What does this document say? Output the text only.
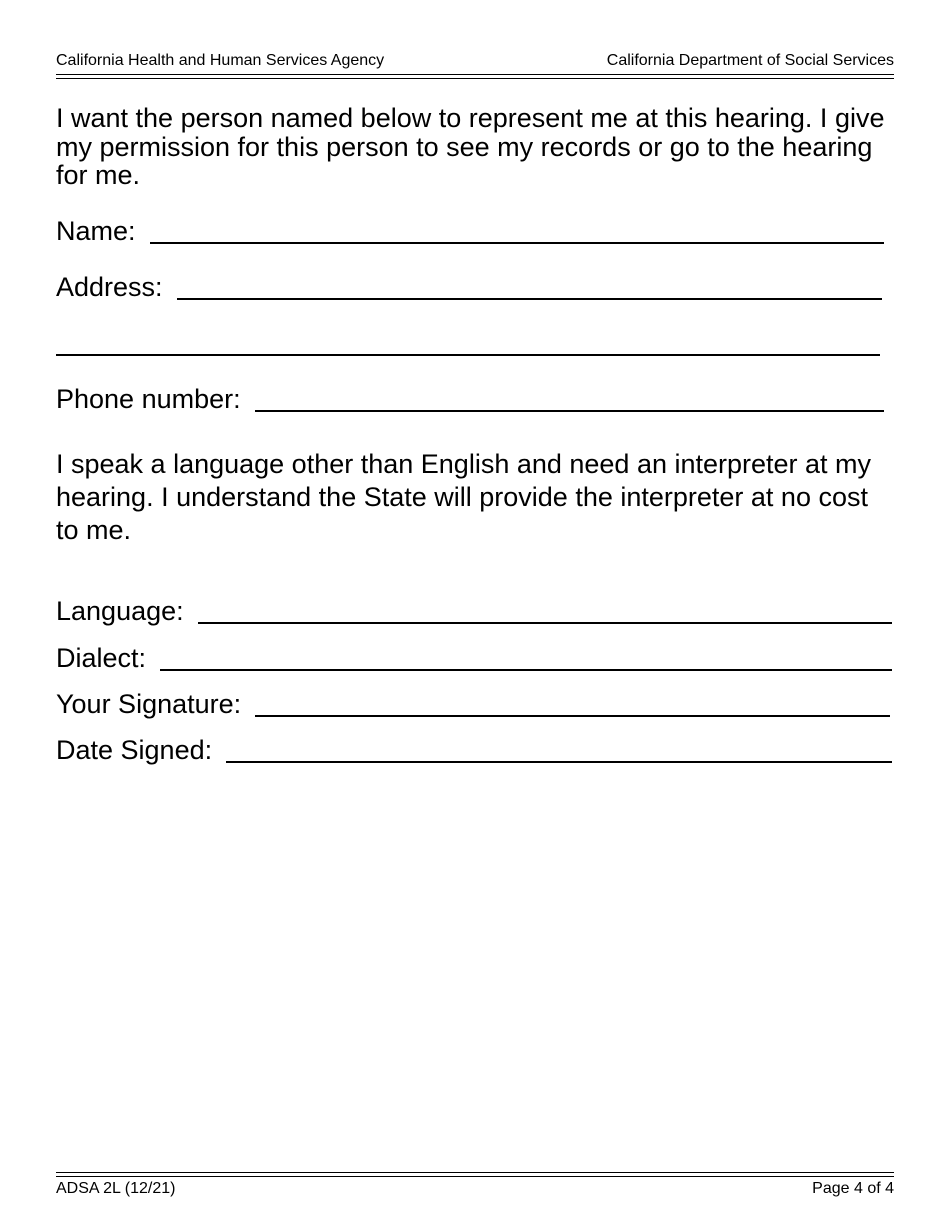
California Health and Human Services Agency	California Department of Social Services

I want the person named below to represent me at this hearing. I give my permission for this person to see my records or go to the hearing for me.

Name:
Address:
Phone number:

I speak a language other than English and need an interpreter at my hearing. I understand the State will provide the interpreter at no cost to me.

Language:
Dialect:
Your Signature:
Date Signed:
ADSA 2L (12/21)	Page 4 of 4
